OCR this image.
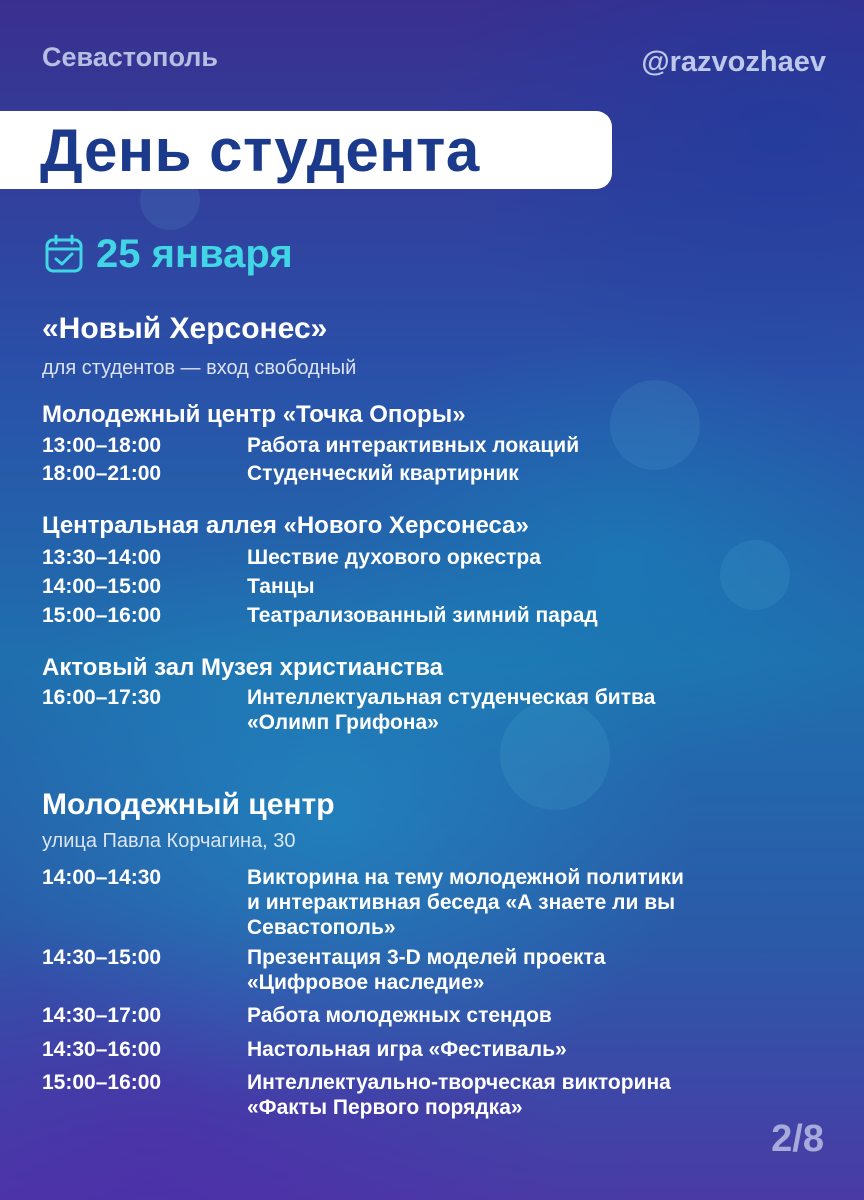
Севастополь	@razvozhaev
День студента
25 января
«Новый Херсонес»
для студентов — вход свободный
Молодежный центр «Точка Опоры»
13:00–18:00	Работа интерактивных локаций
18:00–21:00	Студенческий квартирник
Центральная аллея «Нового Херсонеса»
13:30–14:00	Шествие духового оркестра
14:00–15:00	Танцы
15:00–16:00	Театрализованный зимний парад
Актовый зал Музея христианства
16:00–17:30	Интеллектуальная студенческая битва
«Олимп Грифона»
Молодежный центр
улица Павла Корчагина, 30
14:00–14:30	Викторина на тему молодежной политики
и интерактивная беседа «А знаете ли вы
Севастополь»
14:30–15:00	Презентация 3-D моделей проекта
«Цифровое наследие»
14:30–17:00	Работа молодежных стендов
14:30–16:00	Настольная игра «Фестиваль»
15:00–16:00	Интеллектуально-творческая викторина
«Факты Первого порядка»
2/8
